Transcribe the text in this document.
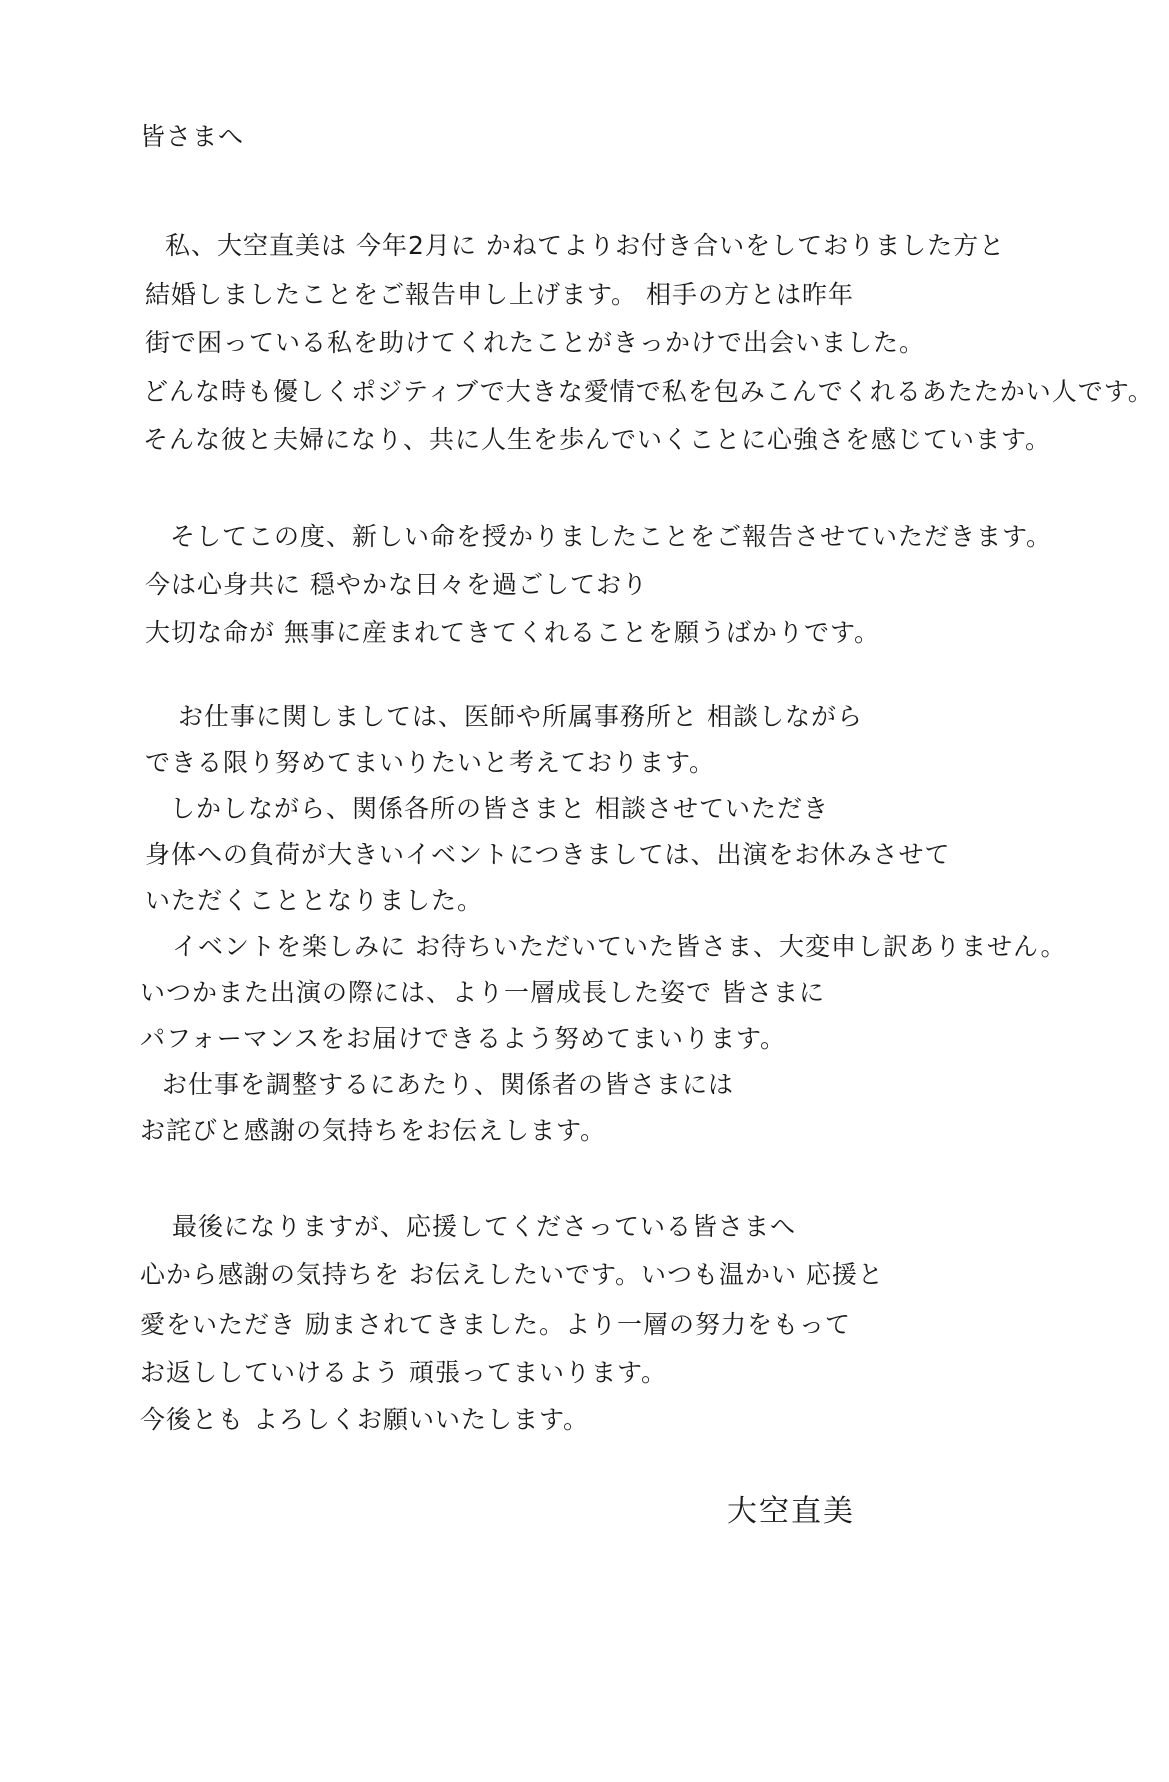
皆さまへ

私、大空直美は 今年2月に かねてよりお付き合いをしておりました方と

結婚しましたことをご報告申し上げます。 相手の方とは昨年

街で困っている私を助けてくれたことがきっかけで出会いました。

どんな時も優しくポジティブで大きな愛情で私を包みこんでくれるあたたかい人です。

そんな彼と夫婦になり、共に人生を歩んでいくことに心強さを感じています。

そしてこの度、新しい命を授かりましたことをご報告させていただきます。

今は心身共に 穏やかな日々を過ごしており

大切な命が 無事に産まれてきてくれることを願うばかりです。

お仕事に関しましては、医師や所属事務所と 相談しながら

できる限り努めてまいりたいと考えております。

しかしながら、関係各所の皆さまと 相談させていただき

身体への負荷が大きいイベントにつきましては、出演をお休みさせて

いただくこととなりました。

イベントを楽しみに お待ちいただいていた皆さま、大変申し訳ありません。

いつかまた出演の際には、より一層成長した姿で 皆さまに

パフォーマンスをお届けできるよう努めてまいります。

お仕事を調整するにあたり、関係者の皆さまには

お詫びと感謝の気持ちをお伝えします。

最後になりますが、応援してくださっている皆さまへ

心から感謝の気持ちを お伝えしたいです。いつも温かい 応援と

愛をいただき 励まされてきました。より一層の努力をもって

お返ししていけるよう 頑張ってまいります。

今後とも よろしくお願いいたします。

大空直美
